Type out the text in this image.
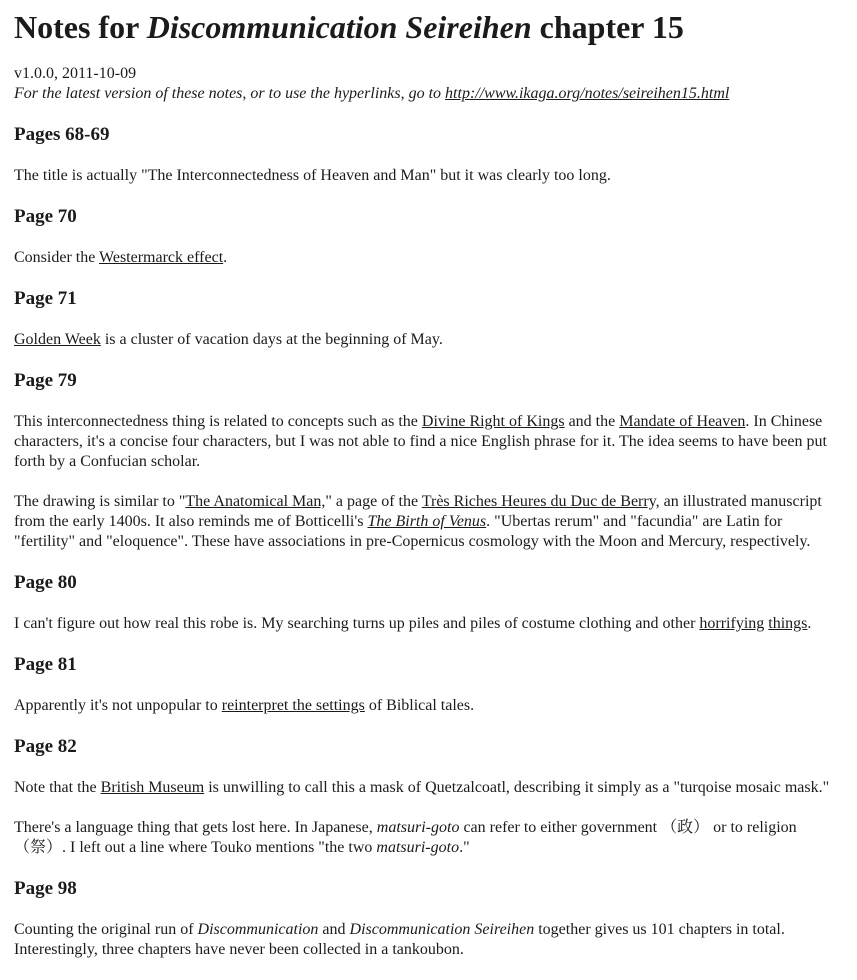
Notes for Discommunication Seireihen chapter 15

v1.0.0, 2011-10-09
For the latest version of these notes, or to use the hyperlinks, go to http://www.ikaga.org/notes/seireihen15.html

Pages 68-69

The title is actually "The Interconnectedness of Heaven and Man" but it was clearly too long.

Page 70

Consider the Westermarck effect.

Page 71

Golden Week is a cluster of vacation days at the beginning of May.

Page 79

This interconnectedness thing is related to concepts such as the Divine Right of Kings and the Mandate of Heaven. In Chinese characters, it's a concise four characters, but I was not able to find a nice English phrase for it. The idea seems to have been put forth by a Confucian scholar.

The drawing is similar to "The Anatomical Man," a page of the Très Riches Heures du Duc de Berry, an illustrated manuscript from the early 1400s. It also reminds me of Botticelli's The Birth of Venus. "Ubertas rerum" and "facundia" are Latin for "fertility" and "eloquence". These have associations in pre-Copernicus cosmology with the Moon and Mercury, respectively.

Page 80

I can't figure out how real this robe is. My searching turns up piles and piles of costume clothing and other horrifying things.

Page 81

Apparently it's not unpopular to reinterpret the settings of Biblical tales.

Page 82

Note that the British Museum is unwilling to call this a mask of Quetzalcoatl, describing it simply as a "turqoise mosaic mask."

There's a language thing that gets lost here. In Japanese, matsuri-goto can refer to either government （政） or to religion （祭）. I left out a line where Touko mentions "the two matsuri-goto."

Page 98

Counting the original run of Discommunication and Discommunication Seireihen together gives us 101 chapters in total. Interestingly, three chapters have never been collected in a tankoubon.
